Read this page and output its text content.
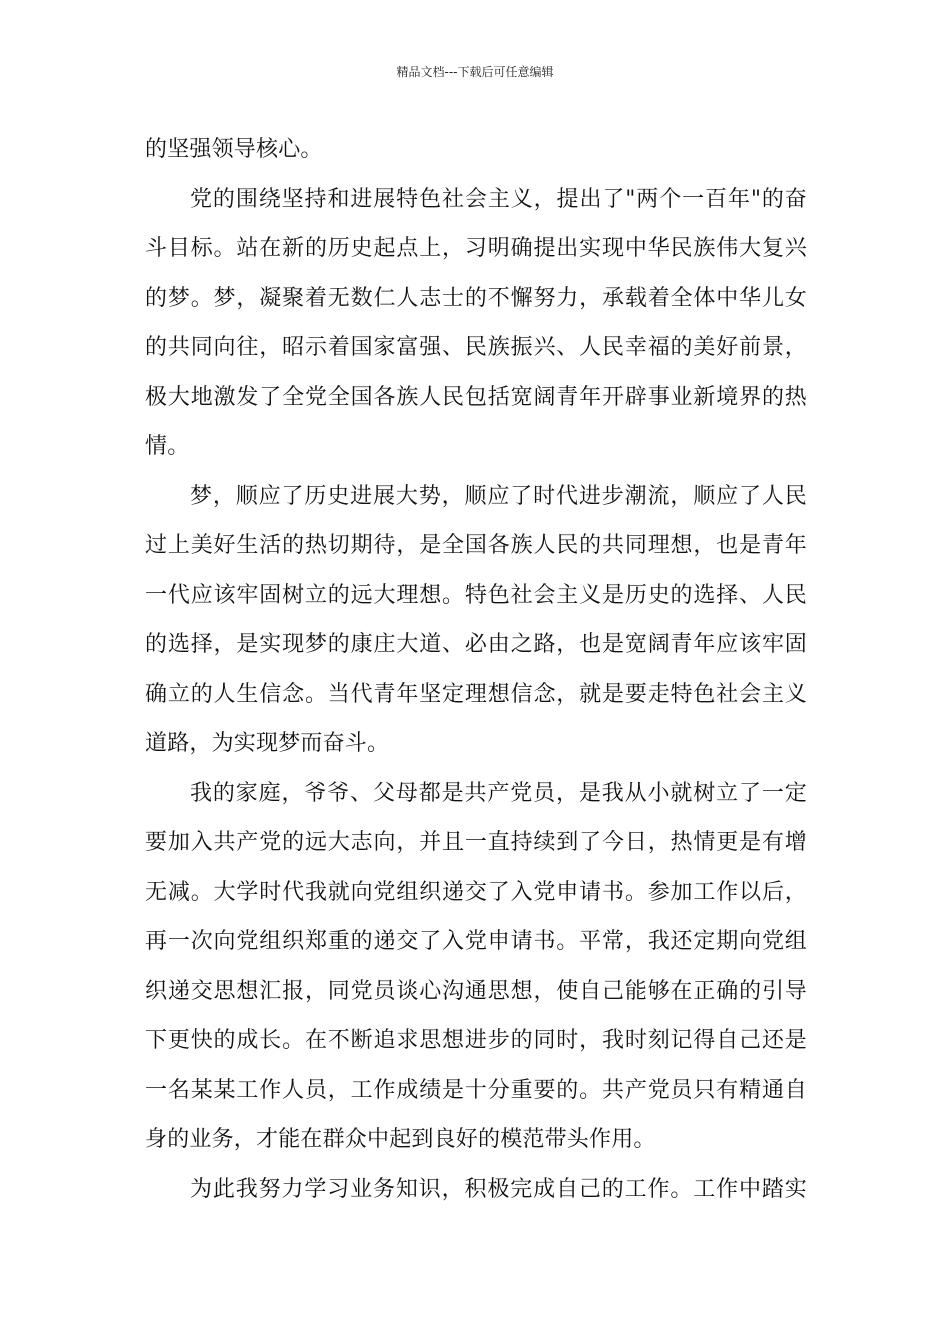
精品文档---下载后可任意编辑
的坚强领导核心。
党的围绕坚持和进展特色社会主义，提出了"两个一百年"的奋
斗目标。站在新的历史起点上，习明确提出实现中华民族伟大复兴
的梦。梦，凝聚着无数仁人志士的不懈努力，承载着全体中华儿女
的共同向往，昭示着国家富强、民族振兴、人民幸福的美好前景，
极大地激发了全党全国各族人民包括宽阔青年开辟事业新境界的热
情。
梦，顺应了历史进展大势，顺应了时代进步潮流，顺应了人民
过上美好生活的热切期待，是全国各族人民的共同理想，也是青年
一代应该牢固树立的远大理想。特色社会主义是历史的选择、人民
的选择，是实现梦的康庄大道、必由之路，也是宽阔青年应该牢固
确立的人生信念。当代青年坚定理想信念，就是要走特色社会主义
道路，为实现梦而奋斗。
我的家庭，爷爷、父母都是共产党员，是我从小就树立了一定
要加入共产党的远大志向，并且一直持续到了今日，热情更是有增
无减。大学时代我就向党组织递交了入党申请书。参加工作以后，
再一次向党组织郑重的递交了入党申请书。平常，我还定期向党组
织递交思想汇报，同党员谈心沟通思想，使自己能够在正确的引导
下更快的成长。在不断追求思想进步的同时，我时刻记得自己还是
一名某某工作人员，工作成绩是十分重要的。共产党员只有精通自
身的业务，才能在群众中起到良好的模范带头作用。
为此我努力学习业务知识，积极完成自己的工作。工作中踏实
